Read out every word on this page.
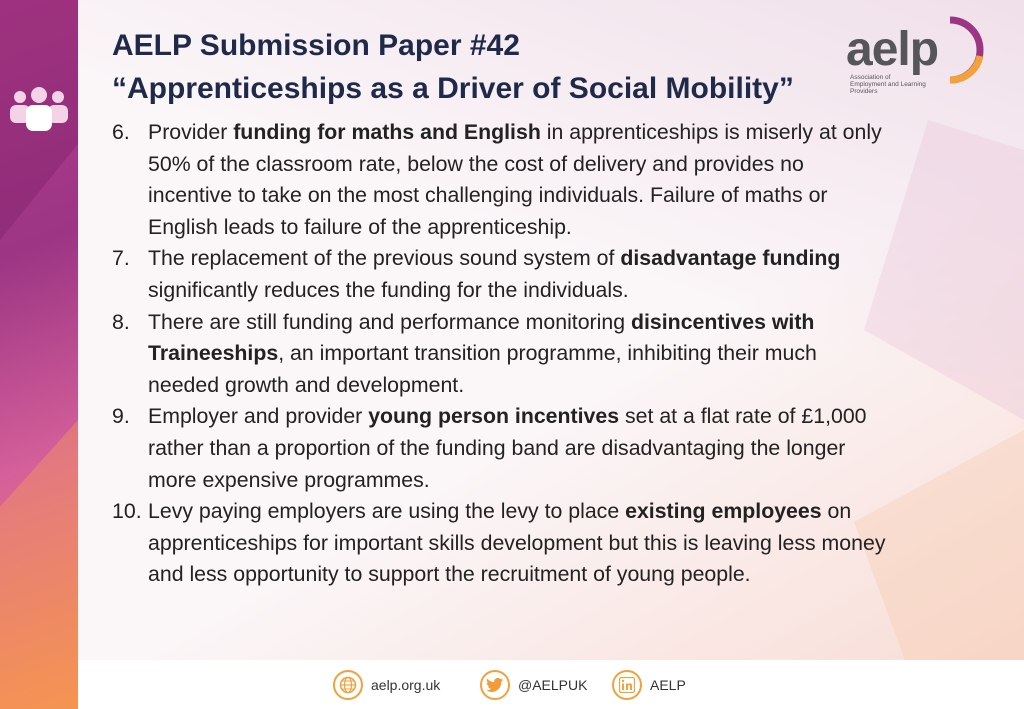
AELP Submission Paper #42
“Apprenticeships as a Driver of Social Mobility”
aelp
Association of
Employment and Learning
Providers
6. Provider funding for maths and English in apprenticeships is miserly at only 50% of the classroom rate, below the cost of delivery and provides no incentive to take on the most challenging individuals. Failure of maths or English leads to failure of the apprenticeship.
7. The replacement of the previous sound system of disadvantage funding significantly reduces the funding for the individuals.
8. There are still funding and performance monitoring disincentives with Traineeships, an important transition programme, inhibiting their much needed growth and development.
9. Employer and provider young person incentives set at a flat rate of £1,000 rather than a proportion of the funding band are disadvantaging the longer more expensive programmes.
10. Levy paying employers are using the levy to place existing employees on apprenticeships for important skills development but this is leaving less money and less opportunity to support the recruitment of young people.
aelp.org.uk	@AELPUK	AELP
